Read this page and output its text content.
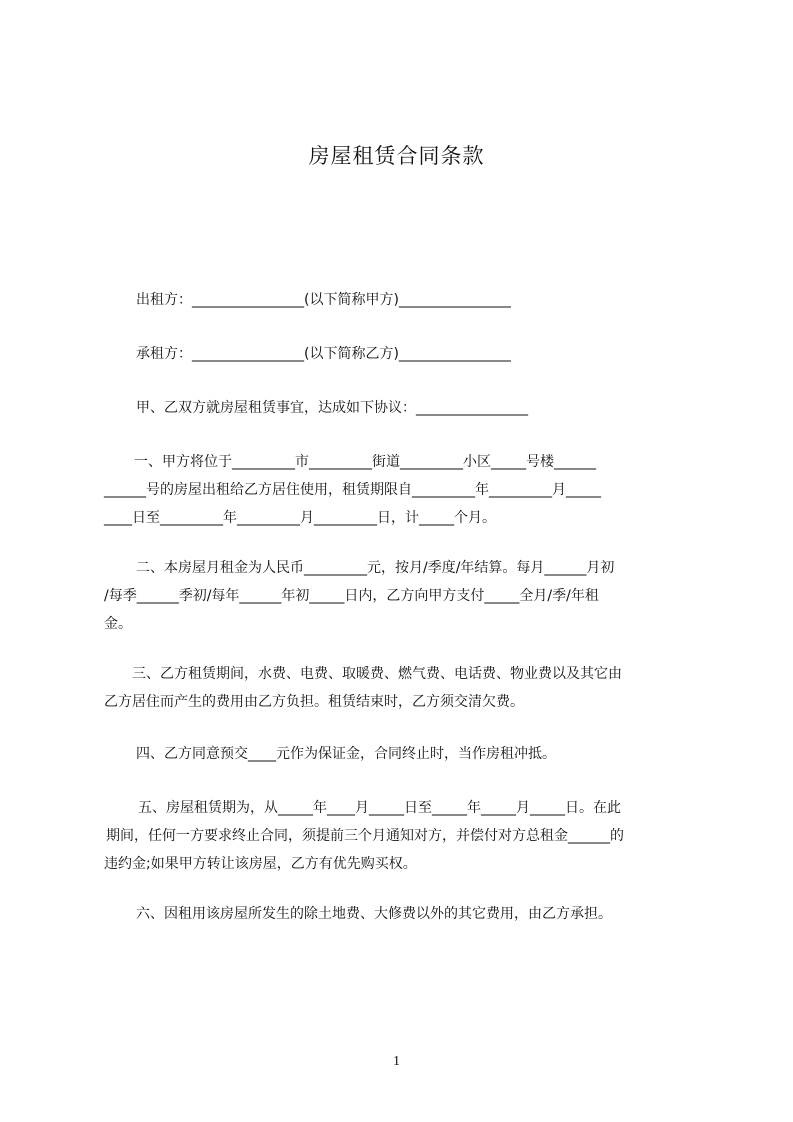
房屋租赁合同条款
出租方：________________(以下简称甲方)________________
承租方：________________(以下简称乙方)________________
甲、乙双方就房屋租赁事宜，达成如下协议：________________
一、甲方将位于_________市_________街道_________小区_____号楼______
______号的房屋出租给乙方居住使用，租赁期限自_________年_________月_____
____日至_________年_________月_________日，计_____个月。
二、本房屋月租金为人民币_________元，按月/季度/年结算。每月______月初
/每季______季初/每年______年初_____日内，乙方向甲方支付_____全月/季/年租
金。
三、乙方租赁期间，水费、电费、取暖费、燃气费、电话费、物业费以及其它由
乙方居住而产生的费用由乙方负担。租赁结束时，乙方须交清欠费。
四、乙方同意预交____元作为保证金，合同终止时，当作房租冲抵。
五、房屋租赁期为，从_____年____月_____日至_____年_____月_____日。在此
期间，任何一方要求终止合同，须提前三个月通知对方，并偿付对方总租金______的
违约金;如果甲方转让该房屋，乙方有优先购买权。
六、因租用该房屋所发生的除土地费、大修费以外的其它费用，由乙方承担。
1
